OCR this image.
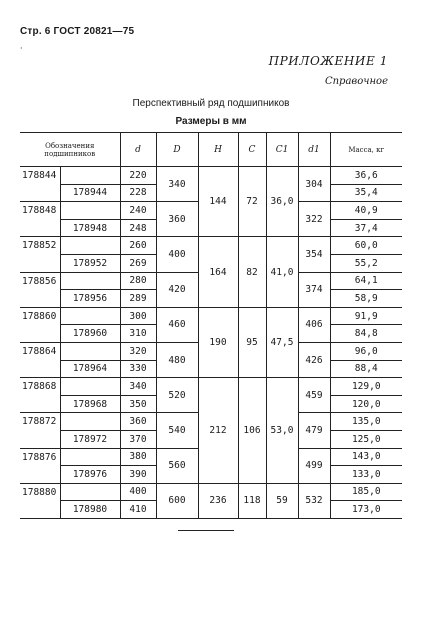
Стр. 6 ГОСТ 20821—75
·
ПРИЛОЖЕНИЕ 1
Справочное
Перспективный ряд подшипников
Размеры в мм
Обозначения подшипников		d	D	H	C	C1	d1	Масса, кг
178844		220	340	144	72	36,0	304	36,6
	178944	228						35,4
178848		240	360				322	40,9
	178948	248						37,4
178852		260	400	164	82	41,0	354	60,0
	178952	269						55,2
178856		280	420				374	64,1
	178956	289						58,9
178860		300	460	190	95	47,5	406	91,9
	178960	310						84,8
178864		320	480				426	96,0
	178964	330						88,4
178868		340	520	212	106	53,0	459	129,0
	178968	350						120,0
178872		360	540				479	135,0
	178972	370						125,0
178876		380	560				499	143,0
	178976	390						133,0
178880		400	600	236	118	59	532	185,0
	178980	410						173,0
